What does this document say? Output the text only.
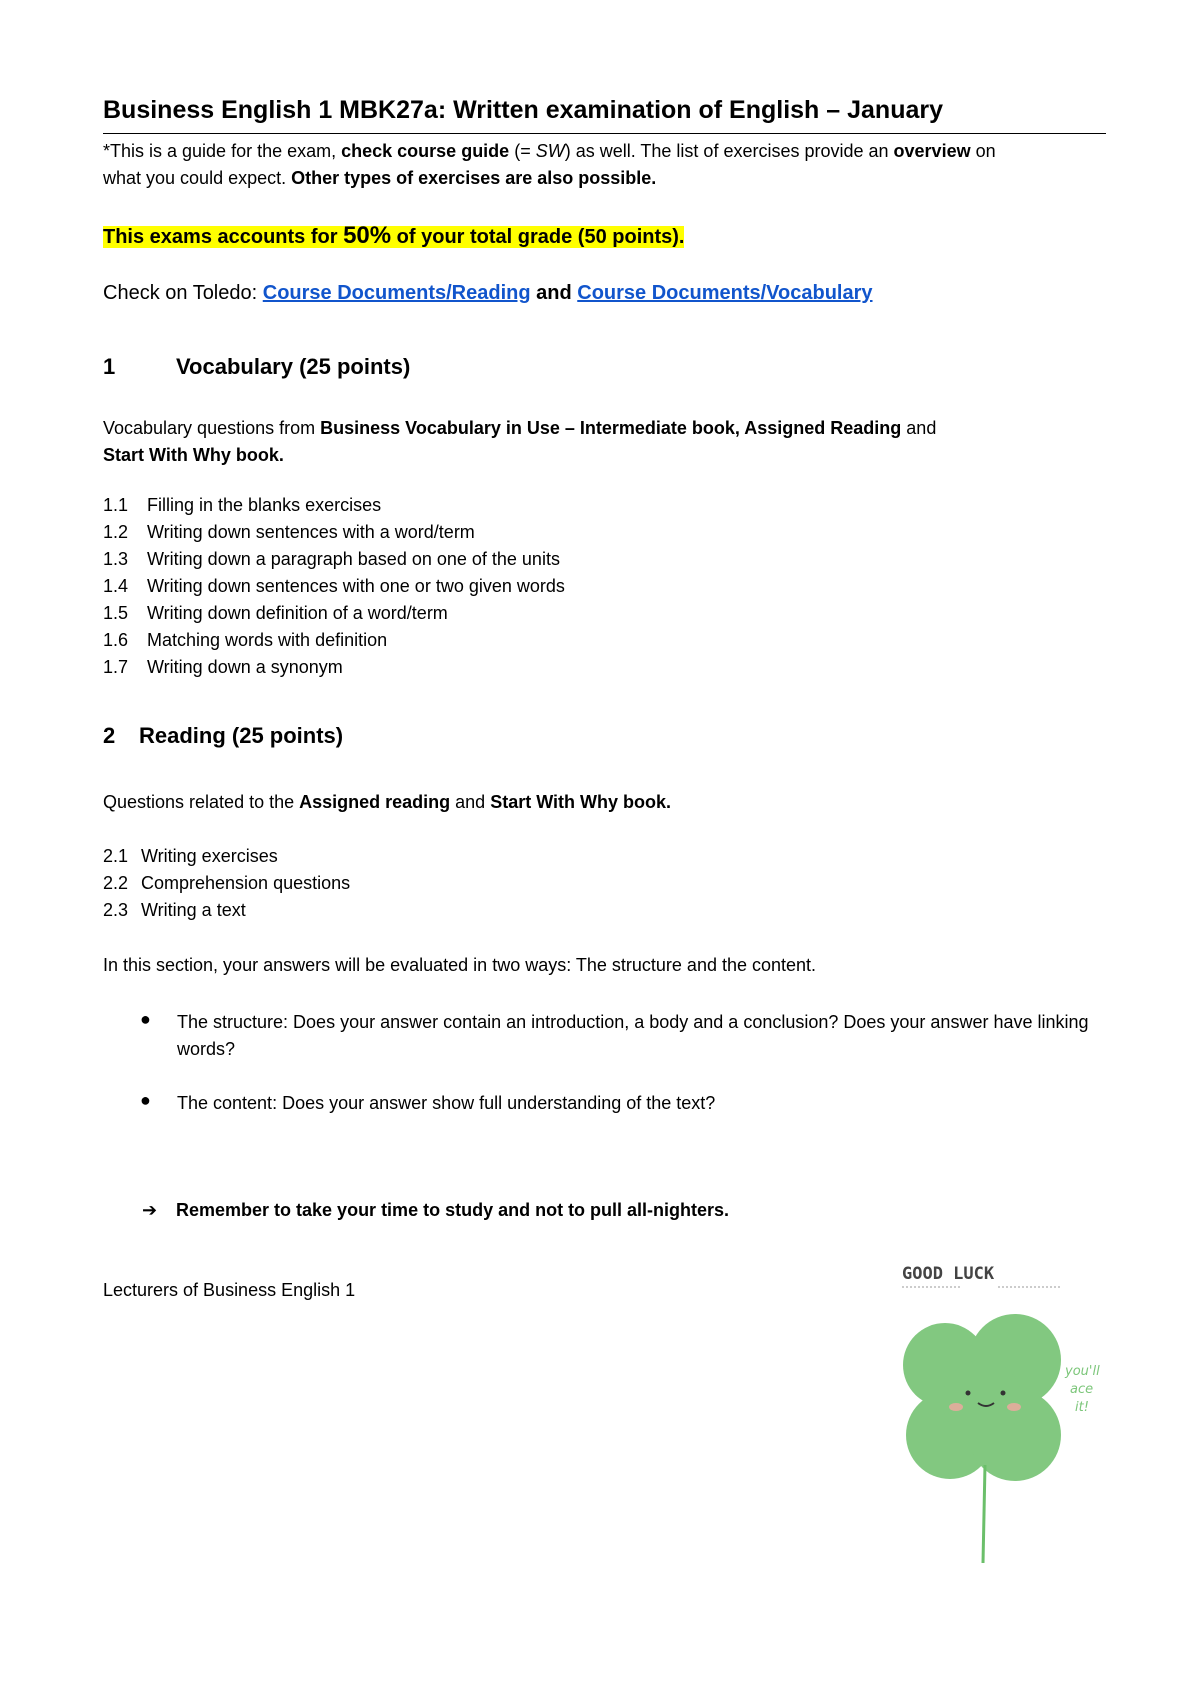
Business English 1 MBK27a: Written examination of English – January
*This is a guide for the exam, check course guide (= SW) as well. The list of exercises provide an overview on
what you could expect. Other types of exercises are also possible.
This exams accounts for 50% of your total grade (50 points).
Check on Toledo: Course Documents/Reading and Course Documents/Vocabulary
1	Vocabulary (25 points)
Vocabulary questions from Business Vocabulary in Use – Intermediate book, Assigned Reading and
Start With Why book.
1.1 Filling in the blanks exercises
1.2 Writing down sentences with a word/term
1.3 Writing down a paragraph based on one of the units
1.4 Writing down sentences with one or two given words
1.5 Writing down definition of a word/term
1.6 Matching words with definition
1.7 Writing down a synonym
2 Reading (25 points)
Questions related to the Assigned reading and Start With Why book.
2.1 Writing exercises
2.2 Comprehension questions
2.3 Writing a text
In this section, your answers will be evaluated in two ways: The structure and the content.
● The structure: Does your answer contain an introduction, a body and a conclusion? Does your answer have linking words?
● The content: Does your answer show full understanding of the text?
➔ Remember to take your time to study and not to pull all-nighters.
Lecturers of Business English 1
GOOD LUCK
you'll
ace
it!
